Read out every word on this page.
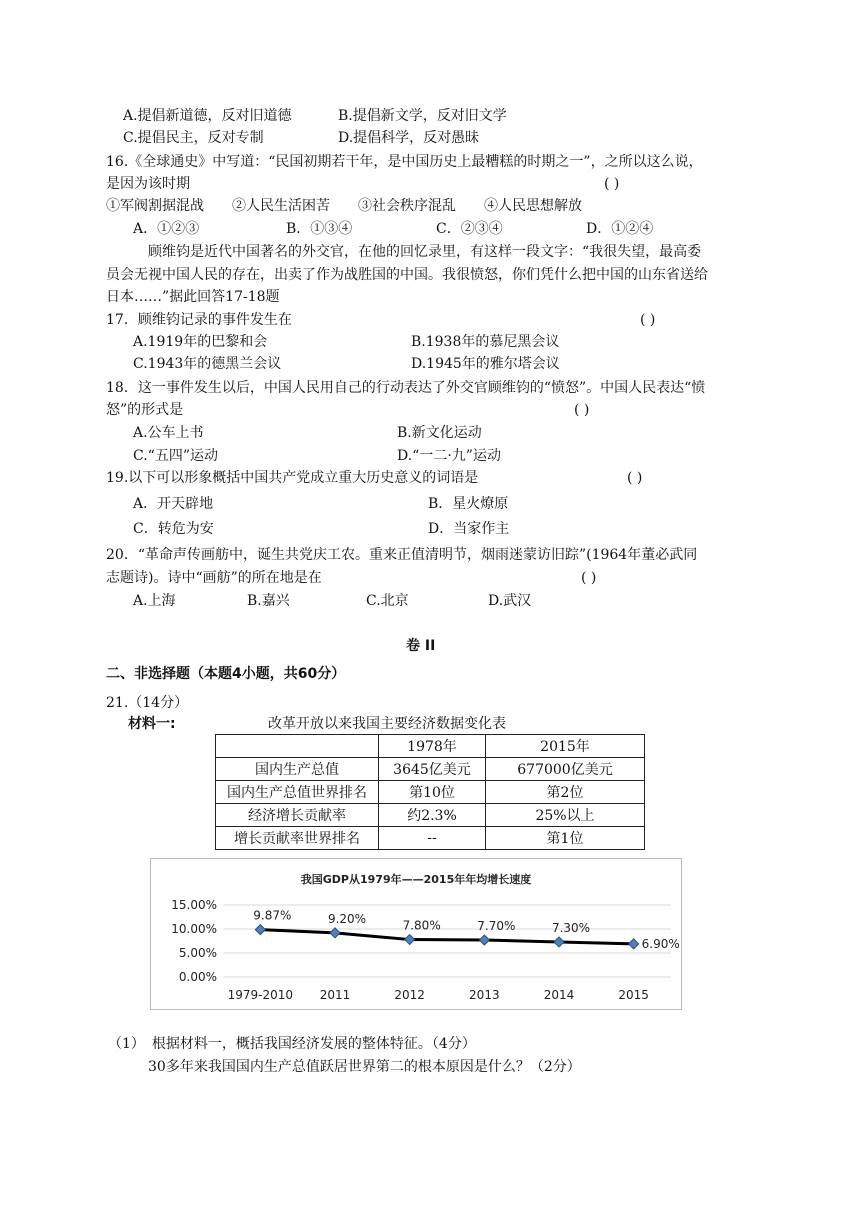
A.提倡新道德，反对旧道德	B.提倡新文学，反对旧文学
C.提倡民主，反对专制	D.提倡科学，反对愚昧
16.《全球通史》中写道：“民国初期若干年，是中国历史上最糟糕的时期之一”，之所以这么说，
是因为该时期	( )
①军阀割据混战　　②人民生活困苦　　③社会秩序混乱　　④人民思想解放
A．①②③	B．①③④	C．②③④	D．①②④
顾维钧是近代中国著名的外交官，在他的回忆录里，有这样一段文字：“我很失望，最高委
员会无视中国人民的存在，出卖了作为战胜国的中国。我很愤怒，你们凭什么把中国的山东省送给
日本……”据此回答17-18题
17．顾维钧记录的事件发生在	( )
A.1919年的巴黎和会	B.1938年的慕尼黑会议
C.1943年的德黑兰会议	D.1945年的雅尔塔会议
18．这一事件发生以后，中国人民用自己的行动表达了外交官顾维钧的“愤怒”。中国人民表达“愤
怒”的形式是	( )
A.公车上书	B.新文化运动
C.“五四”运动	D.“一二·九”运动
19.以下可以形象概括中国共产党成立重大历史意义的词语是	( )
A．开天辟地	B．星火燎原
C．转危为安	D．当家作主
20．“革命声传画舫中，诞生共党庆工农。重来正值清明节，烟雨迷蒙访旧踪”(1964年董必武同
志题诗)。诗中“画舫”的所在地是在	( )
A.上海	B.嘉兴	C.北京	D.武汉
卷 II
二、非选择题（本题4小题，共60分）
21.（14分）
材料一:	改革开放以来我国主要经济数据变化表
	1978年	2015年
国内生产总值	3645亿美元	677000亿美元
国内生产总值世界排名	第10位	第2位
经济增长贡献率	约2.3%	25%以上
增长贡献率世界排名	--	第1位
我国GDP从1979年——2015年年均增长速度
0.00%
5.00%
10.00%
15.00%
1979-2010 2011	2012	2013	2014	2015
9.87%	9.20%	7.80%	7.70%	7.30%
6.90%
（1）　根据材料一，概括我国经济发展的整体特征。（4分）
30多年来我国国内生产总值跃居世界第二的根本原因是什么？（2分）
